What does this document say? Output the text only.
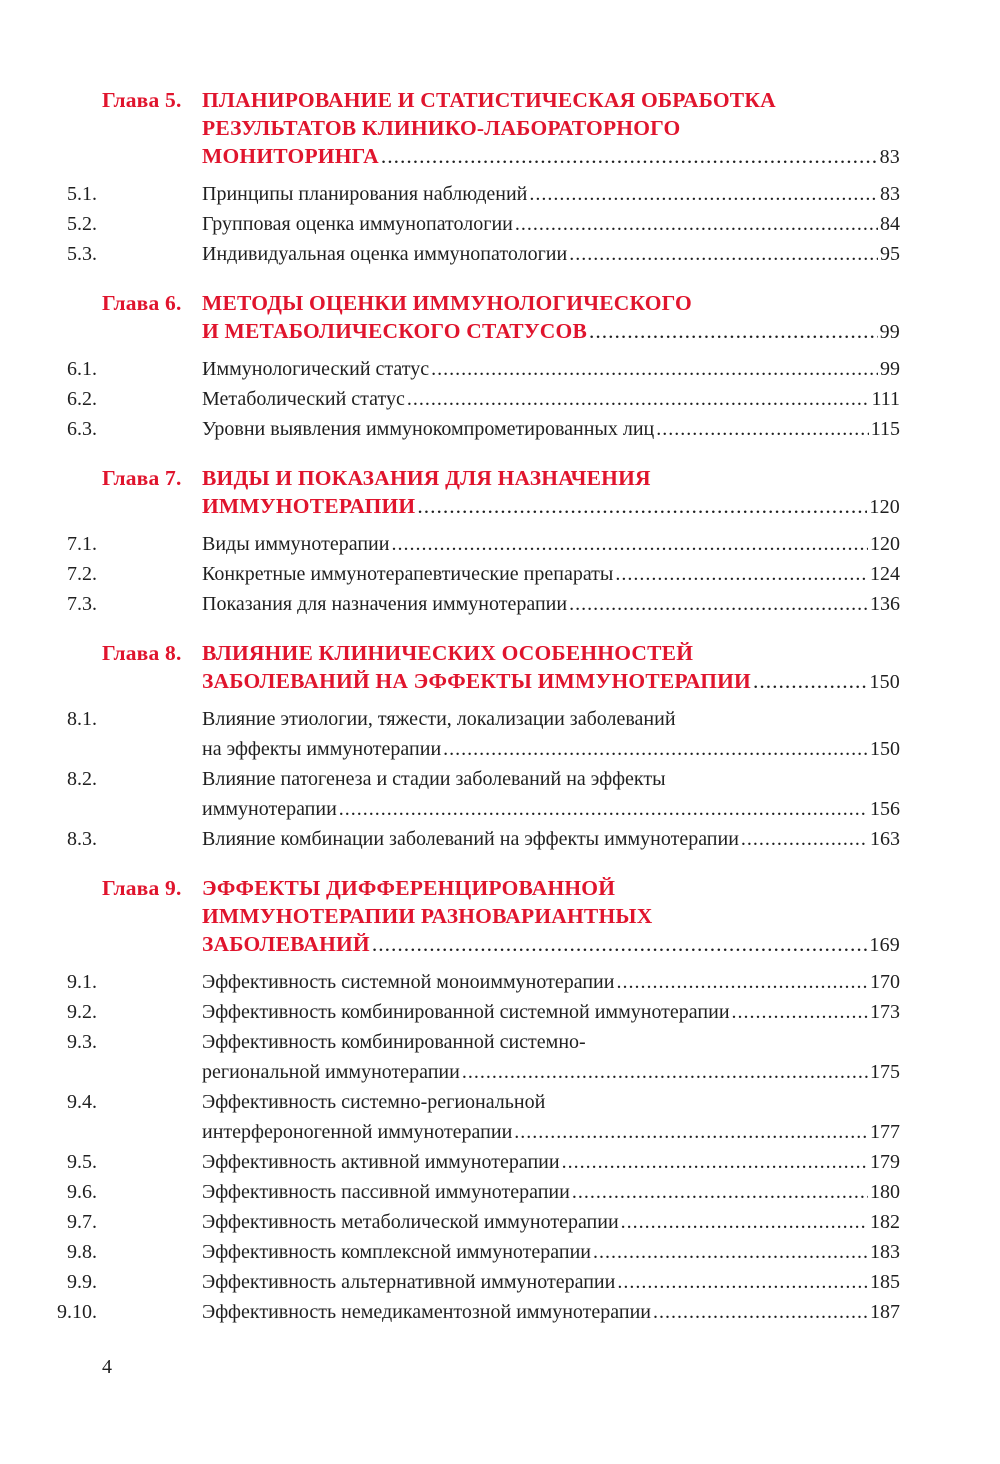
Глава 5. ПЛАНИРОВАНИЕ И СТАТИСТИЧЕСКАЯ ОБРАБОТКА
РЕЗУЛЬТАТОВ КЛИНИКО-ЛАБОРАТОРНОГО
МОНИТОРИНГА .....	83
5.1.	Принципы планирования наблюдений .....	83
5.2.	Групповая оценка иммунопатологии .....	84
5.3.	Индивидуальная оценка иммунопатологии .....	95
Глава 6. МЕТОДЫ ОЦЕНКИ ИММУНОЛОГИЧЕСКОГО
И МЕТАБОЛИЧЕСКОГО СТАТУСОВ .....	99
6.1.	Иммунологический статус .....	99
6.2.	Метаболический статус .....	111
6.3.	Уровни выявления иммунокомпрометированных лиц .....	115
Глава 7. ВИДЫ И ПОКАЗАНИЯ ДЛЯ НАЗНАЧЕНИЯ
ИММУНОТЕРАПИИ .....	120
7.1.	Виды иммунотерапии .....	120
7.2.	Конкретные иммунотерапевтические препараты .....	124
7.3.	Показания для назначения иммунотерапии .....	136
Глава 8. ВЛИЯНИЕ КЛИНИЧЕСКИХ ОСОБЕННОСТЕЙ
ЗАБОЛЕВАНИЙ НА ЭФФЕКТЫ ИММУНОТЕРАПИИ .....	150
8.1.	Влияние этиологии, тяжести, локализации заболеваний
на эффекты иммунотерапии .....	150
8.2.	Влияние патогенеза и стадии заболеваний на эффекты
иммунотерапии .....	156
8.3.	Влияние комбинации заболеваний на эффекты иммунотерапии .....	163
Глава 9. ЭФФЕКТЫ ДИФФЕРЕНЦИРОВАННОЙ
ИММУНОТЕРАПИИ РАЗНОВАРИАНТНЫХ
ЗАБОЛЕВАНИЙ .....	169
9.1.	Эффективность системной моноиммунотерапии .....	170
9.2.	Эффективность комбинированной системной иммунотерапии .....	173
9.3.	Эффективность комбинированной системно-
региональной иммунотерапии .....	175
9.4.	Эффективность системно-региональной
интерфероногенной иммунотерапии .....	177
9.5.	Эффективность активной иммунотерапии .....	179
9.6.	Эффективность пассивной иммунотерапии .....	180
9.7.	Эффективность метаболической иммунотерапии .....	182
9.8.	Эффективность комплексной иммунотерапии .....	183
9.9.	Эффективность альтернативной иммунотерапии .....	185
9.10.	Эффективность немедикаментозной иммунотерапии .....	187
4
